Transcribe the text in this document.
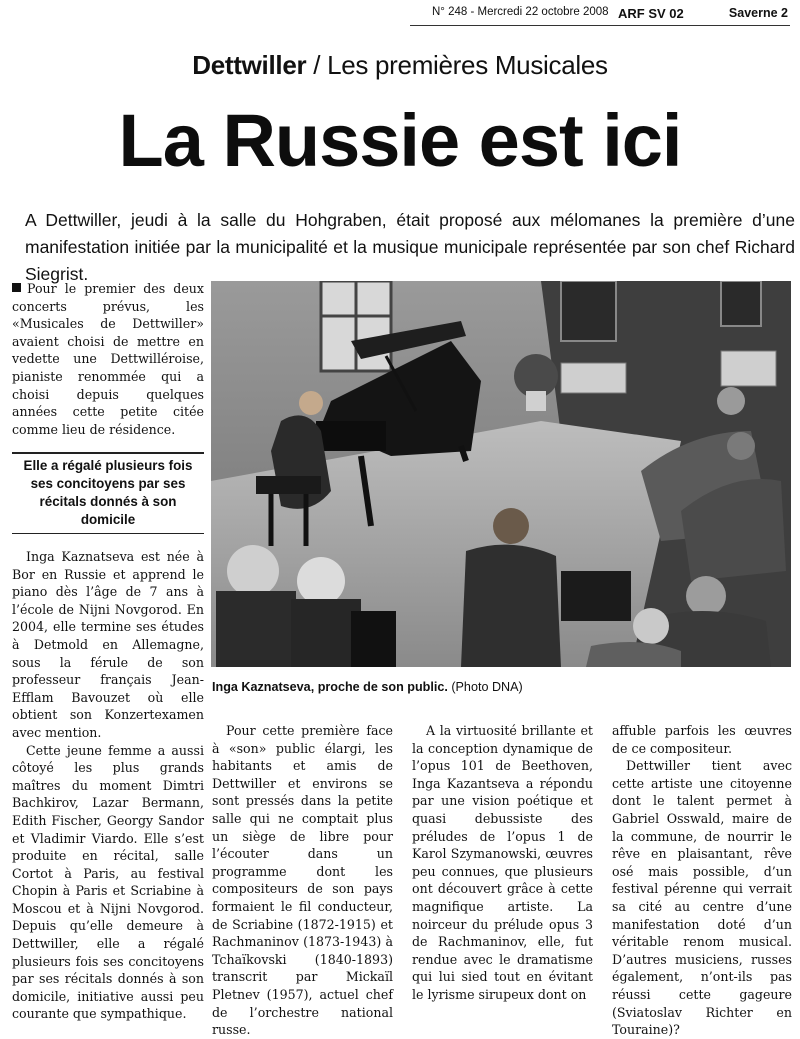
N° 248 - Mercredi 22 octobre 2008 ARF SV 02	Saverne 2
Dettwiller / Les premières Musicales
La Russie est ici
A Dettwiller, jeudi à la salle du Hohgraben, était proposé aux mélomanes la première d’une manifestation initiée par la municipalité et la musique municipale représentée par son chef Richard Siegrist.

Pour le premier des deux concerts prévus, les «Musicales de Dettwiller» avaient choisi de mettre en vedette une Dettwilléroise, pianiste renommée qui a choisi depuis quelques années cette petite citée comme lieu de résidence.

Elle a régalé plusieurs fois ses concitoyens par ses récitals donnés à son domicile

Inga Kaznatseva est née à Bor en Russie et apprend le piano dès l’âge de 7 ans à l’école de Nijni Novgorod. En 2004, elle termine ses études à Detmold en Allemagne, sous la férule de son professeur français Jean-Efflam Bavouzet où elle obtient son Konzertexamen avec mention.

Cette jeune femme a aussi côtoyé les plus grands maîtres du moment Dimtri Bachkirov, Lazar Bermann, Edith Fischer, Georgy Sandor et Vladimir Viardo. Elle s’est produite en récital, salle Cortot à Paris, au festival Chopin à Paris et Scriabine à Moscou et à Nijni Novgorod. Depuis qu’elle demeure à Dettwiller, elle a régalé plusieurs fois ses concitoyens par ses récitals donnés à son domicile, initiative aussi peu courante que sympathique.

Inga Kaznatseva, proche de son public. (Photo DNA)

Pour cette première face à «son» public élargi, les habitants et amis de Dettwiller et environs se sont pressés dans la petite salle qui ne comptait plus un siège de libre pour l’écouter dans un programme dont les compositeurs de son pays formaient le fil conducteur, de Scriabine (1872-1915) et Rachmaninov (1873-1943) à Tchaïkovski (1840-1893) transcrit par Mickaïl Pletnev (1957), actuel chef de l’orchestre national russe.

A la virtuosité brillante et la conception dynamique de l’opus 101 de Beethoven, Inga Kazantseva a répondu par une vision poétique et quasi debussiste des préludes de l’opus 1 de Karol Szymanowski, œuvres peu connues, que plusieurs ont découvert grâce à cette magnifique artiste. La noirceur du prélude opus 3 de Rachmaninov, elle, fut rendue avec le dramatisme qui lui sied tout en évitant le lyrisme sirupeux dont on

affuble parfois les œuvres de ce compositeur.

Dettwiller tient avec cette artiste une citoyenne dont le talent permet à Gabriel Osswald, maire de la commune, de nourrir le rêve en plaisantant, rêve osé mais possible, d’un festival pérenne qui verrait sa cité au centre d’une manifestation doté d’un véritable renom musical. D’autres musiciens, russes également, n’ont-ils pas réussi cette gageure (Sviatoslav Richter en Touraine)?
